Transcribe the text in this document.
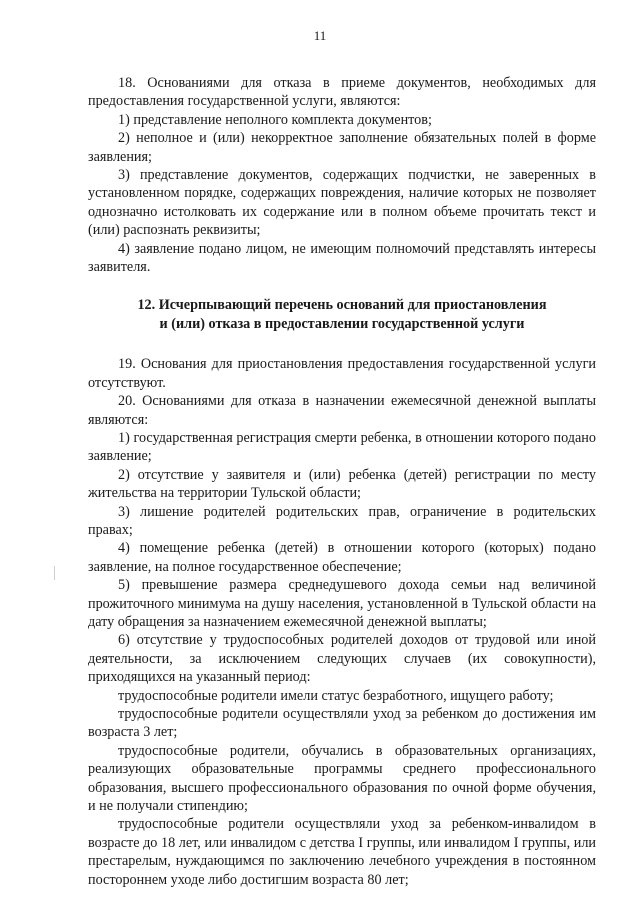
11

18. Основаниями для отказа в приеме документов, необходимых для предоставления государственной услуги, являются:

1) представление неполного комплекта документов;

2) неполное и (или) некорректное заполнение обязательных полей в форме заявления;

3) представление документов, содержащих подчистки, не заверенных в установленном порядке, содержащих повреждения, наличие которых не позволяет однозначно истолковать их содержание или в полном объеме прочитать текст и (или) распознать реквизиты;

4) заявление подано лицом, не имеющим полномочий представлять интересы заявителя.

12. Исчерпывающий перечень оснований для приостановления
и (или) отказа в предоставлении государственной услуги

19. Основания для приостановления предоставления государственной услуги отсутствуют.

20. Основаниями для отказа в назначении ежемесячной денежной выплаты являются:

1) государственная регистрация смерти ребенка, в отношении которого подано заявление;

2) отсутствие у заявителя и (или) ребенка (детей) регистрации по месту жительства на территории Тульской области;

3) лишение родителей родительских прав, ограничение в родительских правах;

4) помещение ребенка (детей) в отношении которого (которых) подано заявление, на полное государственное обеспечение;

5) превышение размера среднедушевого дохода семьи над величиной прожиточного минимума на душу населения, установленной в Тульской области на дату обращения за назначением ежемесячной денежной выплаты;

6) отсутствие у трудоспособных родителей доходов от трудовой или иной деятельности, за исключением следующих случаев (их совокупности), приходящихся на указанный период:

трудоспособные родители имели статус безработного, ищущего работу;

трудоспособные родители осуществляли уход за ребенком до достижения им возраста 3 лет;

трудоспособные родители, обучались в образовательных организациях, реализующих образовательные программы среднего профессионального образования, высшего профессионального образования по очной форме обучения, и не получали стипендию;

трудоспособные родители осуществляли уход за ребенком-инвалидом в возрасте до 18 лет, или инвалидом с детства I группы, или инвалидом I группы, или престарелым, нуждающимся по заключению лечебного учреждения в постоянном постороннем уходе либо достигшим возраста 80 лет;
